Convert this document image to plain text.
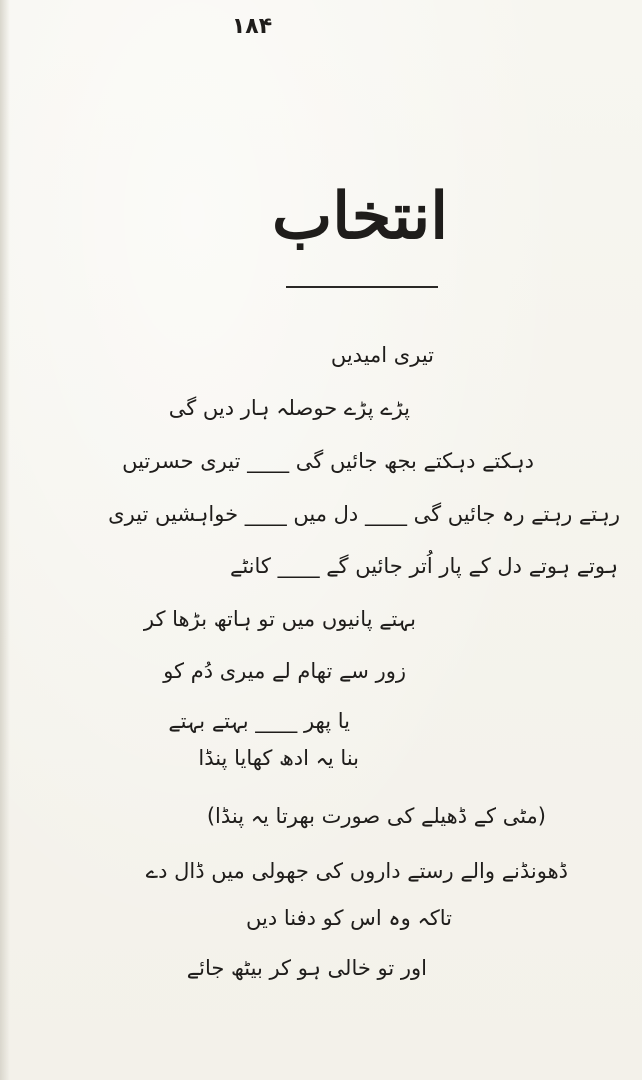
۱۸۴
انتخاب
تیری امیدیں
پڑے پڑے حوصلہ ہار دیں گی
دہکتے دہکتے بجھ جائیں گی ____ تیری حسرتیں
رہتے رہتے رہ جائیں گی ____ دل میں ____ خواہشیں تیری
ہوتے ہوتے دل کے پار اُتر جائیں گے ____ کانٹے
بہتے پانیوں میں تو ہاتھ بڑھا کر
زور سے تھام لے میری دُم کو
یا پھر ____ بہتے بہتے
بنا یہ ادھ کھایا پنڈا
(مٹی کے ڈھیلے کی صورت بھرتا یہ پنڈا)
ڈھونڈنے والے رستے داروں کی جھولی میں ڈال دے
تاکہ وہ اس کو دفنا دیں
اور تو خالی ہو کر بیٹھ جائے
